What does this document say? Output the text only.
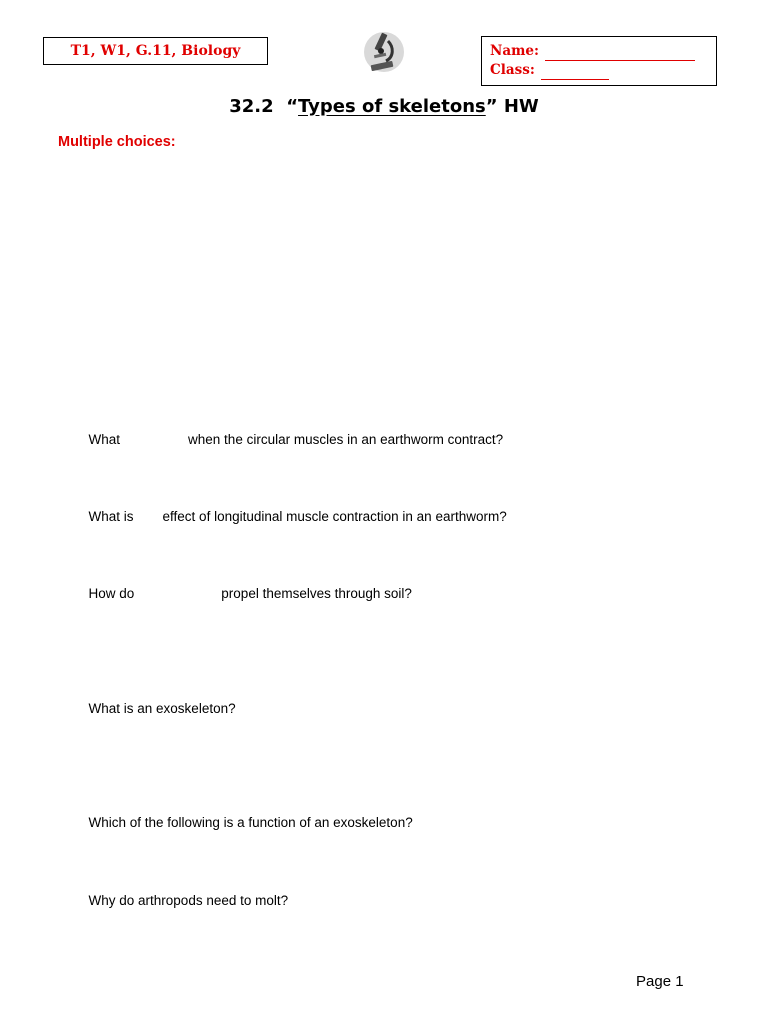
T1, W1, G.11, Biology	Name:
Class:
32.2 “Types of skeletons” HW
Multiple choices:

What	when the circular muscles in an earthworm contract?

What is effect of longitudinal muscle contraction in an earthworm?

How do	propel themselves through soil?

What is an exoskeleton?

Which of the following is a function of an exoskeleton?

Why do arthropods need to molt?

Page 1
